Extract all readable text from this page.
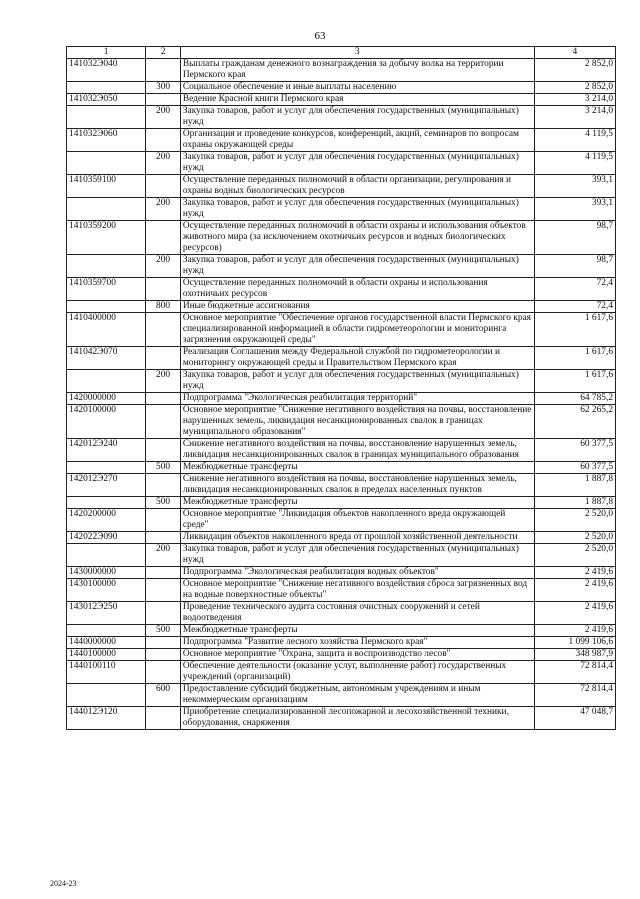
63
1	2	3	4
141032Э040		Выплаты гражданам денежного вознаграждения за добычу волка на территории Пермского края	2 852,0
	300	Социальное обеспечение и иные выплаты населению	2 852,0
141032Э050		Ведение Красной книги Пермского края	3 214,0
	200	Закупка товаров, работ и услуг для обеспечения государственных (муниципальных) нужд	3 214,0
141032Э060		Организация и проведение конкурсов, конференций, акций, семинаров по вопросам охраны окружающей среды	4 119,5
	200	Закупка товаров, работ и услуг для обеспечения государственных (муниципальных) нужд	4 119,5
1410359100		Осуществление переданных полномочий в области организации, регулирования и охраны водных биологических ресурсов	393,1
	200	Закупка товаров, работ и услуг для обеспечения государственных (муниципальных) нужд	393,1
1410359200		Осуществление переданных полномочий в области охраны и использования объектов животного мира (за исключением охотничьих ресурсов и водных биологических ресурсов)	98,7
	200	Закупка товаров, работ и услуг для обеспечения государственных (муниципальных) нужд	98,7
1410359700		Осуществление переданных полномочий в области охраны и использования охотничьих ресурсов	72,4
	800	Иные бюджетные ассигнования	72,4
1410400000		Основное мероприятие "Обеспечение органов государственной власти Пермского края специализированной информацией в области гидрометеорологии и мониторинга загрязнения окружающей среды"	1 617,6
141042Э070		Реализация Соглашения между Федеральной службой по гидрометеорологии и мониторингу окружающей среды и Правительством Пермского края	1 617,6
	200	Закупка товаров, работ и услуг для обеспечения государственных (муниципальных) нужд	1 617,6
1420000000		Подпрограмма "Экологическая реабилитация территорий"	64 785,2
1420100000		Основное мероприятие "Снижение негативного воздействия на почвы, восстановление нарушенных земель, ликвидация несанкционированных свалок в границах муниципального образования"	62 265,2
142012Э240		Снижение негативного воздействия на почвы, восстановление нарушенных земель, ликвидация несанкционированных свалок в границах муниципального образования	60 377,5
	500	Межбюджетные трансферты	60 377,5
142012Э270		Снижение негативного воздействия на почвы, восстановление нарушенных земель, ликвидация несанкционированных свалок в пределах населенных пунктов	1 887,8
	500	Межбюджетные трансферты	1 887,8
1420200000		Основное мероприятие "Ликвидация объектов накопленного вреда окружающей среде"	2 520,0
142022Э090		Ликвидация объектов накопленного вреда от прошлой хозяйственной деятельности	2 520,0
	200	Закупка товаров, работ и услуг для обеспечения государственных (муниципальных) нужд	2 520,0
1430000000		Подпрограмма "Экологическая реабилитация водных объектов"	2 419,6
1430100000		Основное мероприятие "Снижение негативного воздействия сброса загрязненных вод на водные поверхностные объекты"	2 419,6
143012Э250		Проведение технического аудита состояния очистных сооружений и сетей водоотведения	2 419,6
	500	Межбюджетные трансферты	2 419,6
1440000000		Подпрограмма "Развитие лесного хозяйства Пермского края"	1 099 106,6
1440100000		Основное мероприятие "Охрана, защита и воспроизводство лесов"	348 987,9
1440100110		Обеспечение деятельности (оказание услуг, выполнение работ) государственных учреждений (организаций)	72 814,4
	600	Предоставление субсидий бюджетным, автономным учреждениям и иным некоммерческим организациям	72 814,4
144012Э120		Приобретение специализированной лесопожарной и лесохозяйственной техники, оборудования, снаряжения	47 048,7
2024-23
